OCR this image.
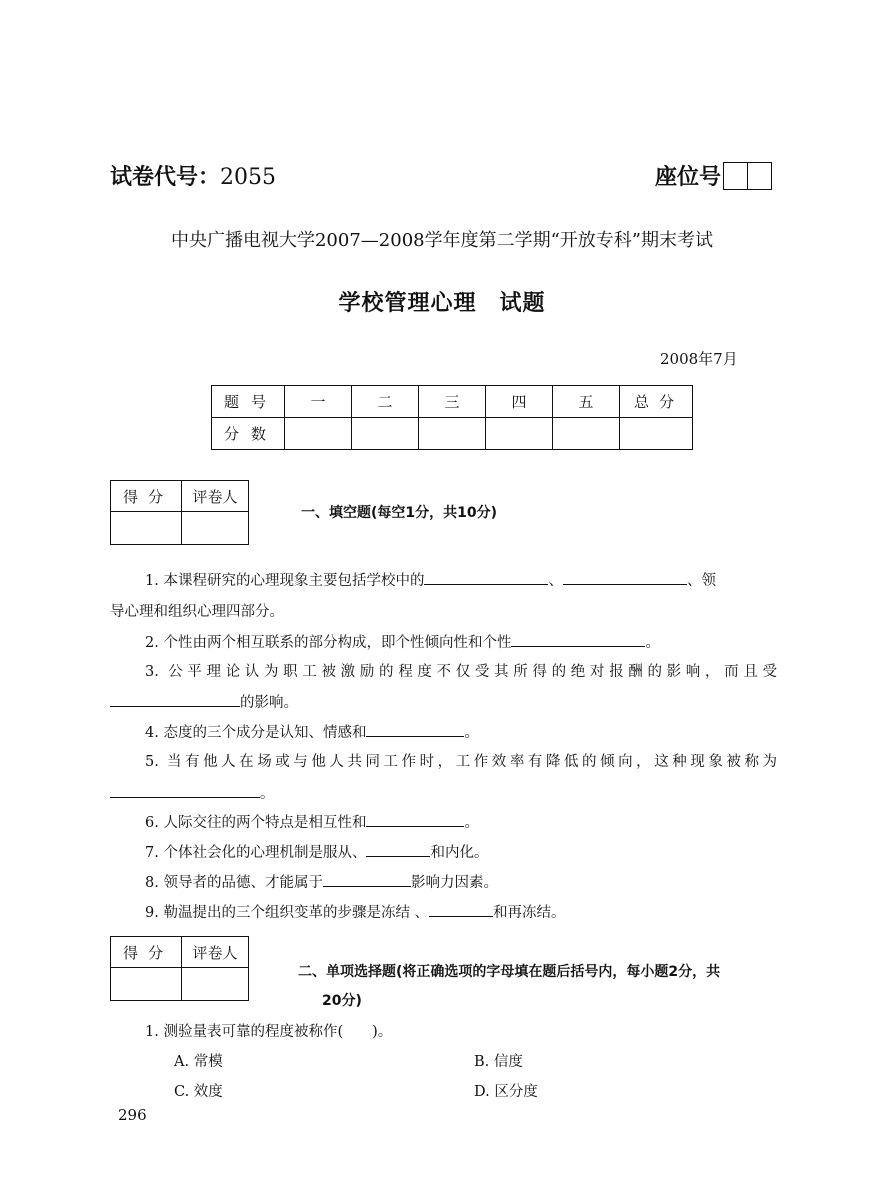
试卷代号：2055	座位号
中央广播电视大学2007—2008学年度第二学期“开放专科”期末考试
学校管理心理　试题
2008年7月
题号	一	二	三	四	五	总分
分数						
得分	评卷人

一、填空题(每空1分，共10分)
1. 本课程研究的心理现象主要包括学校中的	、	、领
导心理和组织心理四部分。
2. 个性由两个相互联系的部分构成，即个性倾向性和个性	。
3. 公平理论认为职工被激励的程度不仅受其所得的绝对报酬的影响，而且受
的影响。
4. 态度的三个成分是认知、情感和	。
5. 当有他人在场或与他人共同工作时，工作效率有降低的倾向，这种现象被称为
。
6. 人际交往的两个特点是相互性和	。
7. 个体社会化的心理机制是服从、	和内化。
8. 领导者的品德、才能属于	影响力因素。
9. 勒温提出的三个组织变革的步骤是冻结 、	和再冻结。
得分	评卷人

二、单项选择题(将正确选项的字母填在题后括号内，每小题2分，共
20分)
1. 测验量表可靠的程度被称作(　　)。
A. 常模	B. 信度
C. 效度	D. 区分度
296
